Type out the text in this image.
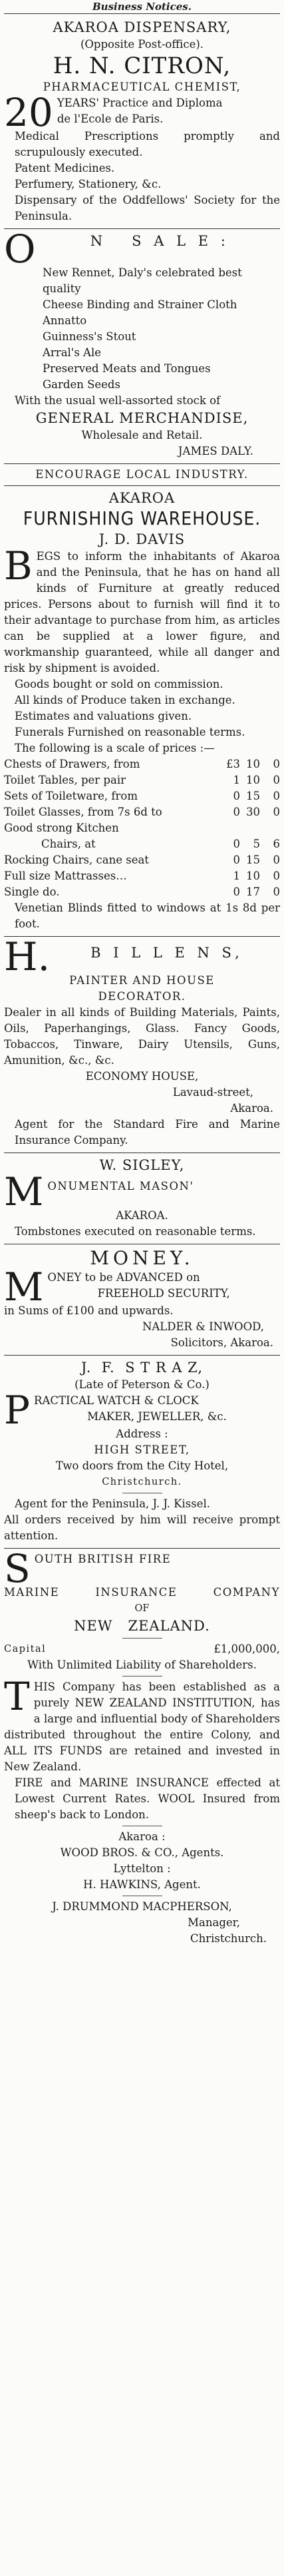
Business Notices.
AKAROA DISPENSARY,
(Opposite Post-office).
H. N. CITRON,
PHARMACEUTICAL CHEMIST,
20 YEARS' Practice and Diploma
de l'Ecole de Paris.
Medical Prescriptions promptly and scrupulously executed.
Patent Medicines.
Perfumery, Stationery, &c.
Dispensary of the Oddfellows' Society for the Peninsula.
O	N   S A L E :
New Rennet, Daly's celebrated best quality
Cheese Binding and Strainer Cloth
Annatto
Guinness's Stout
Arral's Ale
Preserved Meats and Tongues
Garden Seeds
With the usual well-assorted stock of
GENERAL MERCHANDISE,
Wholesale and Retail.
JAMES DALY.
ENCOURAGE LOCAL INDUSTRY.
AKAROA
FURNISHING WAREHOUSE.
J. D. DAVIS
BEGS to inform the inhabitants of Akaroa and the Peninsula, that he has on hand all kinds of Furniture at greatly reduced prices. Persons about to furnish will find it to their advantage to purchase from him, as articles can be supplied at a lower figure, and workmanship guaranteed, while all danger and risk by shipment is avoided.
Goods bought or sold on commission.
All kinds of Produce taken in exchange.
Estimates and valuations given.
Funerals Furnished on reasonable terms.
The following is a scale of prices :—
Chests of Drawers, from	£3 10	0
Toilet Tables, per pair	1 10	0
Sets of Toiletware, from	0 15	0
Toilet Glasses, from 7s 6d to	0 30	0
Good strong Kitchen
Chairs, at	0	5	6
Rocking Chairs, cane seat	0 15	0
Full size Mattrasses…	1 10	0
Single do.	0 17	0
Venetian Blinds fitted to windows at 1s 8d per foot.
H.	B I L L E N S,
PAINTER AND HOUSE
DECORATOR.
Dealer in all kinds of Building Materials, Paints, Oils, Paperhangings, Glass. Fancy Goods, Tobaccos, Tinware, Dairy Utensils, Guns, Amunition, &c., &c.
ECONOMY HOUSE,
Lavaud-street,
Akaroa.
Agent for the Standard Fire and Marine Insurance Company.
W. SIGLEY,
M ONUMENTAL MASON'
AKAROA.
Tombstones executed on reasonable terms.
MONEY.
M ONEY to be ADVANCED on
FREEHOLD SECURITY,
in Sums of £100 and upwards.
NALDER & INWOOD,
Solicitors, Akaroa.
J.  F.  S T R A Z,
(Late of Peterson & Co.)
P RACTICAL WATCH & CLOCK
MAKER, JEWELLER, &c.
Address :
HIGH STREET,
Two doors from the City Hotel,
Christchurch.
Agent for the Peninsula, J. J. Kissel.
All orders received by him will receive prompt attention.
S OUTH BRITISH FIRE
MARINE	INSURANCE	COMPANY
OF
NEW   ZEALAND.
Capital	£1,000,000,
With Unlimited Liability of Shareholders.
THIS Company has been established as a purely NEW ZEALAND INSTITUTION, has a large and influential body of Shareholders distributed throughout the entire Colony, and ALL ITS FUNDS are retained and invested in New Zealand.
FIRE and MARINE INSURANCE effected at Lowest Current Rates. WOOL Insured from sheep's back to London.
Akaroa :
WOOD BROS. & CO., Agents.
Lyttelton :
H. HAWKINS, Agent.
J. DRUMMOND MACPHERSON,
Manager,
Christchurch.
